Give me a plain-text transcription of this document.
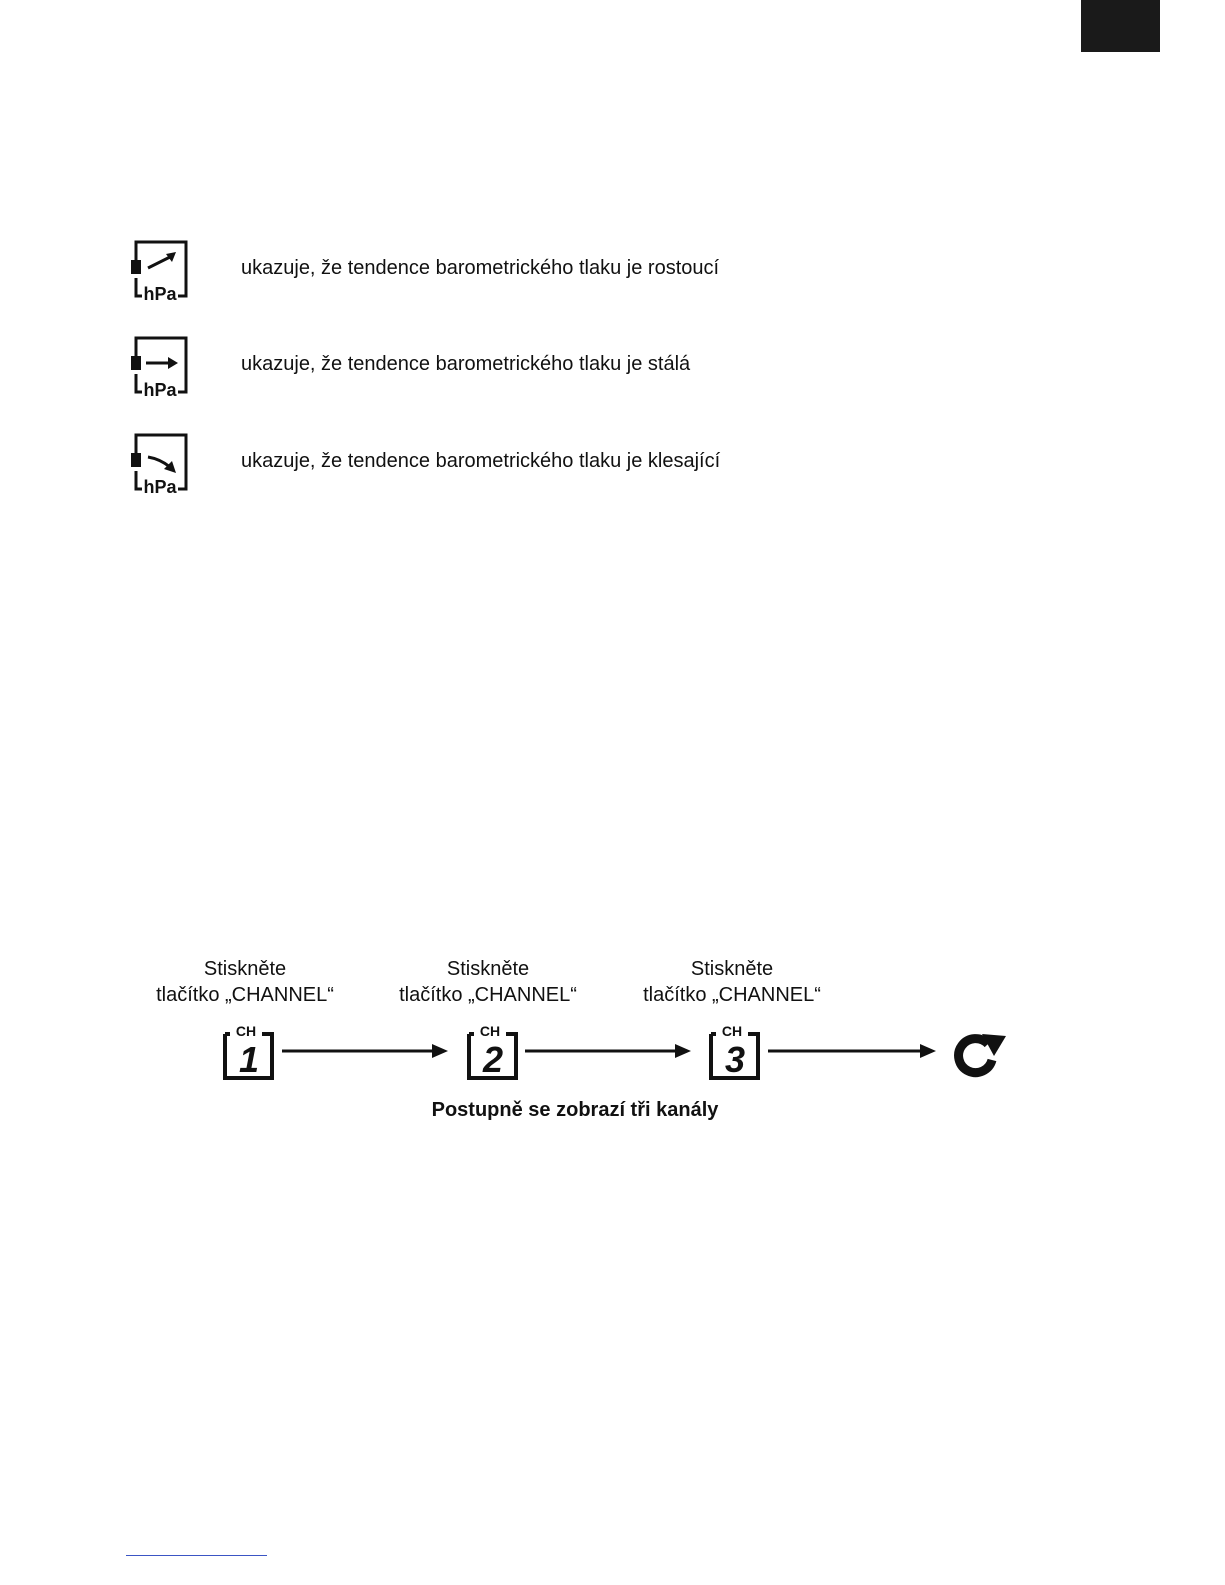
hPa
ukazuje, že tendence barometrického tlaku je rostoucí
hPa
ukazuje, že tendence barometrického tlaku je stálá
hPa
ukazuje, že tendence barometrického tlaku je klesající
Stiskněte
tlačítko „CHANNEL“
Stiskněte
tlačítko „CHANNEL“
Stiskněte
tlačítko „CHANNEL“
CH
1
CH
2
CH
3
Postupně se zobrazí tři kanály
